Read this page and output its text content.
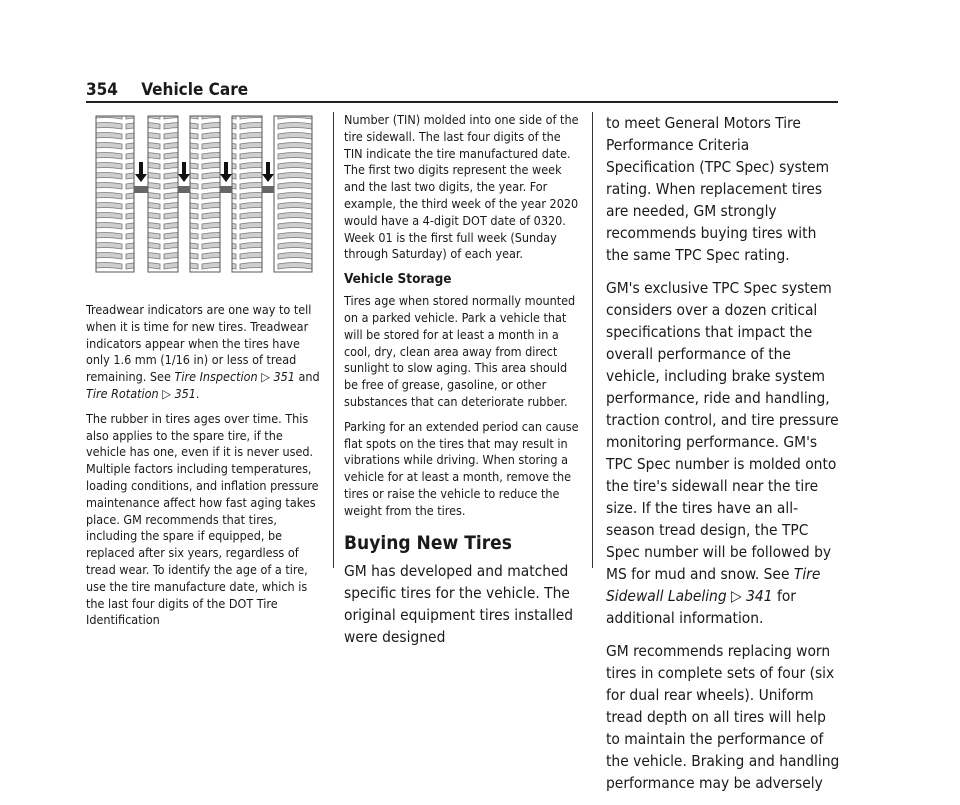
354 Vehicle Care

Treadwear indicators are one way to tell when it is time for new tires. Treadwear indicators appear when the tires have only 1.6 mm (1/16 in) or less of tread remaining. See Tire Inspection ▷ 351 and Tire Rotation ▷ 351.

The rubber in tires ages over time. This also applies to the spare tire, if the vehicle has one, even if it is never used. Multiple factors including temperatures, loading conditions, and inflation pressure maintenance affect how fast aging takes place. GM recommends that tires, including the spare if equipped, be replaced after six years, regardless of tread wear. To identify the age of a tire, use the tire manufacture date, which is the last four digits of the DOT Tire Identification

Number (TIN) molded into one side of the tire sidewall. The last four digits of the TIN indicate the tire manufactured date. The first two digits represent the week and the last two digits, the year. For example, the third week of the year 2020 would have a 4-digit DOT date of 0320. Week 01 is the first full week (Sunday through Saturday) of each year.

Vehicle Storage

Tires age when stored normally mounted on a parked vehicle. Park a vehicle that will be stored for at least a month in a cool, dry, clean area away from direct sunlight to slow aging. This area should be free of grease, gasoline, or other substances that can deteriorate rubber.

Parking for an extended period can cause flat spots on the tires that may result in vibrations while driving. When storing a vehicle for at least a month, remove the tires or raise the vehicle to reduce the weight from the tires.

Buying New Tires

GM has developed and matched specific tires for the vehicle. The original equipment tires installed were designed

to meet General Motors Tire Performance Criteria Specification (TPC Spec) system rating. When replacement tires are needed, GM strongly recommends buying tires with the same TPC Spec rating.

GM's exclusive TPC Spec system considers over a dozen critical specifications that impact the overall performance of the vehicle, including brake system performance, ride and handling, traction control, and tire pressure monitoring performance. GM's TPC Spec number is molded onto the tire's sidewall near the tire size. If the tires have an all-season tread design, the TPC Spec number will be followed by MS for mud and snow. See Tire Sidewall Labeling ▷ 341 for additional information.

GM recommends replacing worn tires in complete sets of four (six for dual rear wheels). Uniform tread depth on all tires will help to maintain the performance of the vehicle. Braking and handling performance may be adversely
